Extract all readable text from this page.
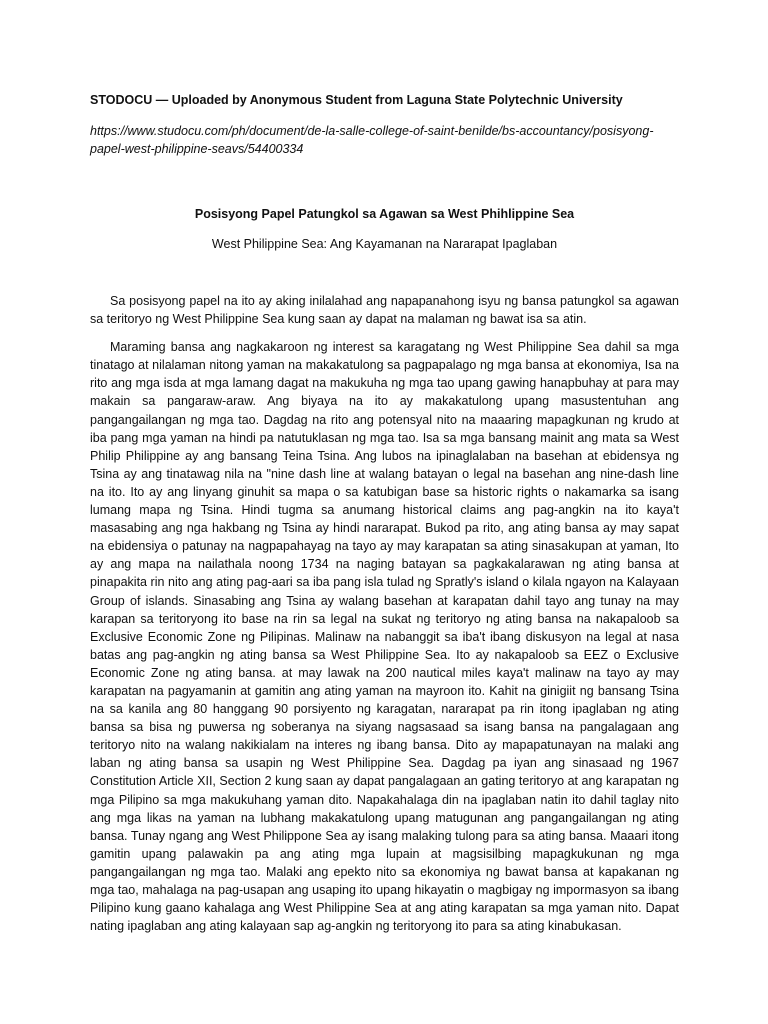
STODOCU — Uploaded by Anonymous Student from Laguna State Polytechnic University

https://www.studocu.com/ph/document/de-la-salle-college-of-saint-benilde/bs-accountancy/posisyong-papel-west-philippine-seavs/54400334

Posisyong Papel Patungkol sa Agawan sa West Phihlippine Sea

West Philippine Sea: Ang Kayamanan na Nararapat Ipaglaban

Sa posisyong papel na ito ay aking inilalahad ang napapanahong isyu ng bansa patungkol sa agawan sa teritoryo ng West Philippine Sea kung saan ay dapat na malaman ng bawat isa sa atin.

Maraming bansa ang nagkakaroon ng interest sa karagatang ng West Philippine Sea dahil sa mga tinatago at nilalaman nitong yaman na makakatulong sa pagpapalago ng mga bansa at ekonomiya, Isa na rito ang mga isda at mga lamang dagat na makukuha ng mga tao upang gawing hanapbuhay at para may makain sa pangaraw-araw. Ang biyaya na ito ay makakatulong upang masustentuhan ang pangangailangan ng mga tao. Dagdag na rito ang potensyal nito na maaaring mapagkunan ng krudo at iba pang mga yaman na hindi pa natutuklasan ng mga tao. Isa sa mga bansang mainit ang mata sa West Philip Philippine ay ang bansang Teina Tsina. Ang lubos na ipinaglalaban na basehan at ebidensya ng Tsina ay ang tinatawag nila na "nine dash line at walang batayan o legal na basehan ang nine-dash line na ito. Ito ay ang linyang ginuhit sa mapa o sa katubigan base sa historic rights o nakamarka sa isang lumang mapa ng Tsina. Hindi tugma sa anumang historical claims ang pag-angkin na ito kaya't masasabing ang nga hakbang ng Tsina ay hindi nararapat. Bukod pa rito, ang ating bansa ay may sapat na ebidensiya o patunay na nagpapahayag na tayo ay may karapatan sa ating sinasakupan at yaman, Ito ay ang mapa na nailathala noong 1734 na naging batayan sa pagkakalarawan ng ating bansa at pinapakita rin nito ang ating pag-aari sa iba pang isla tulad ng Spratly's island o kilala ngayon na Kalayaan Group of islands. Sinasabing ang Tsina ay walang basehan at karapatan dahil tayo ang tunay na may karapan sa teritoryong ito base na rin sa legal na sukat ng teritoryo ng ating bansa na nakapaloob sa Exclusive Economic Zone ng Pilipinas. Malinaw na nabanggit sa iba't ibang diskusyon na legal at nasa batas ang pag-angkin ng ating bansa sa West Philippine Sea. Ito ay nakapaloob sa EEZ o Exclusive Economic Zone ng ating bansa. at may lawak na 200 nautical miles kaya't malinaw na tayo ay may karapatan na pagyamanin at gamitin ang ating yaman na mayroon ito. Kahit na ginigiit ng bansang Tsina na sa kanila ang 80 hanggang 90 porsiyento ng karagatan, nararapat pa rin itong ipaglaban ng ating bansa sa bisa ng puwersa ng soberanya na siyang nagsasaad sa isang bansa na pangalagaan ang teritoryo nito na walang nakikialam na interes ng ibang bansa. Dito ay mapapatunayan na malaki ang laban ng ating bansa sa usapin ng West Philippine Sea. Dagdag pa iyan ang sinasaad ng 1967 Constitution Article XII, Section 2 kung saan ay dapat pangalagaan an gating teritoryo at ang karapatan ng mga Pilipino sa mga makukuhang yaman dito. Napakahalaga din na ipaglaban natin ito dahil taglay nito ang mga likas na yaman na lubhang makakatulong upang matugunan ang pangangailangan ng ating bansa. Tunay ngang ang West Philippone Sea ay isang malaking tulong para sa ating bansa. Maaari itong gamitin upang palawakin pa ang ating mga lupain at magsisilbing mapagkukunan ng mga pangangailangan ng mga tao. Malaki ang epekto nito sa ekonomiya ng bawat bansa at kapakanan ng mga tao, mahalaga na pag-usapan ang usaping ito upang hikayatin o magbigay ng impormasyon sa ibang Pilipino kung gaano kahalaga ang West Philippine Sea at ang ating karapatan sa mga yaman nito. Dapat nating ipaglaban ang ating kalayaan sap ag-angkin ng teritoryong ito para sa ating kinabukasan.
